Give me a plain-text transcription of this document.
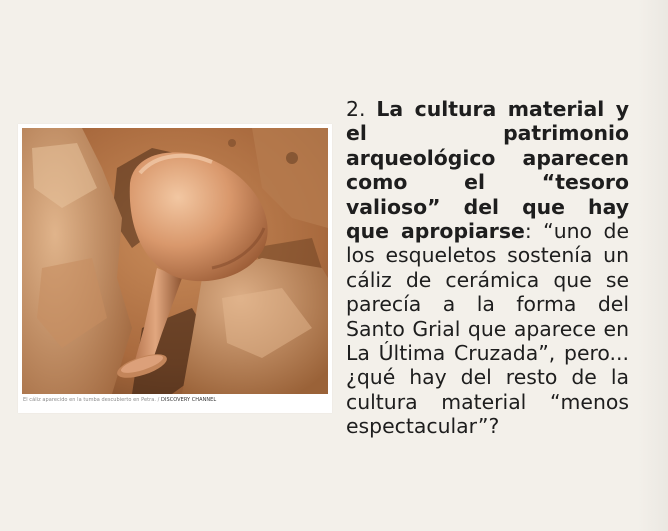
El cáliz aparecido en la tumba descubierto en Petra. / DISCOVERY CHANNEL
2. La cultura material y el patrimonio arqueológico aparecen como el “tesoro valioso” del que hay que apropiarse: “uno de los esqueletos sostenía un cáliz de cerámica que se parecía a la forma del Santo Grial que aparece en La Última Cruzada”, pero... ¿qué hay del resto de la cultura material “menos espectacular”?
